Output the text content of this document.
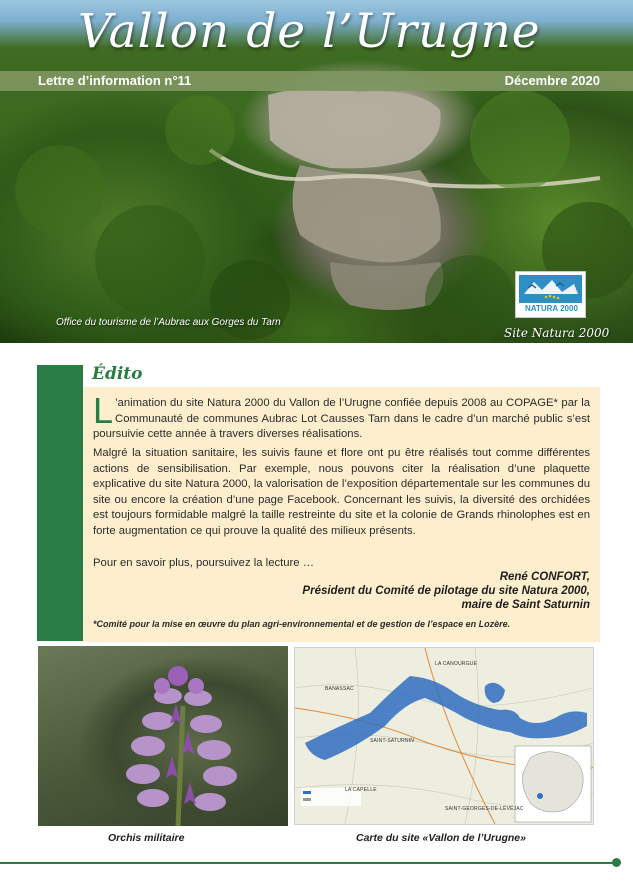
Vallon de l’Urugne
Lettre d’information n°11	Décembre 2020
Office du tourisme de l’Aubrac aux Gorges du Tarn
NATURA 2000
Site Natura 2000
Édito

L ’animation du site Natura 2000 du Vallon de l’Urugne confiée depuis 2008 au COPAGE* par la Communauté de communes Aubrac Lot Causses Tarn dans le cadre d’un marché public s’est poursuivie cette année à travers diverses réalisations.

Malgré la situation sanitaire, les suivis faune et flore ont pu être réalisés tout comme différentes actions de sensibilisation. Par exemple, nous pouvons citer la réalisation d’une plaquette explicative du site Natura 2000, la valorisation de l’exposition départementale sur les communes du site ou encore la création d’une page Facebook. Concernant les suivis, la diversité des orchidées est toujours formidable malgré la taille restreinte du site et la colonie de Grands rhinolophes est en forte augmentation ce qui prouve la qualité des milieux présents.

Pour en savoir plus, poursuivez la lecture …

René CONFORT,
Président du Comité de pilotage du site Natura 2000,
maire de Saint Saturnin
*Comité pour la mise en œuvre du plan agri-environnemental et de gestion de l’espace en Lozère.
LA CANOURGUE
BANASSAC
SAINT-SATURNIN
LA CAPELLE
SAINT-GEORGES-DE-LÉVÉJAC
Orchis militaire	Carte du site «Vallon de l’Urugne»
